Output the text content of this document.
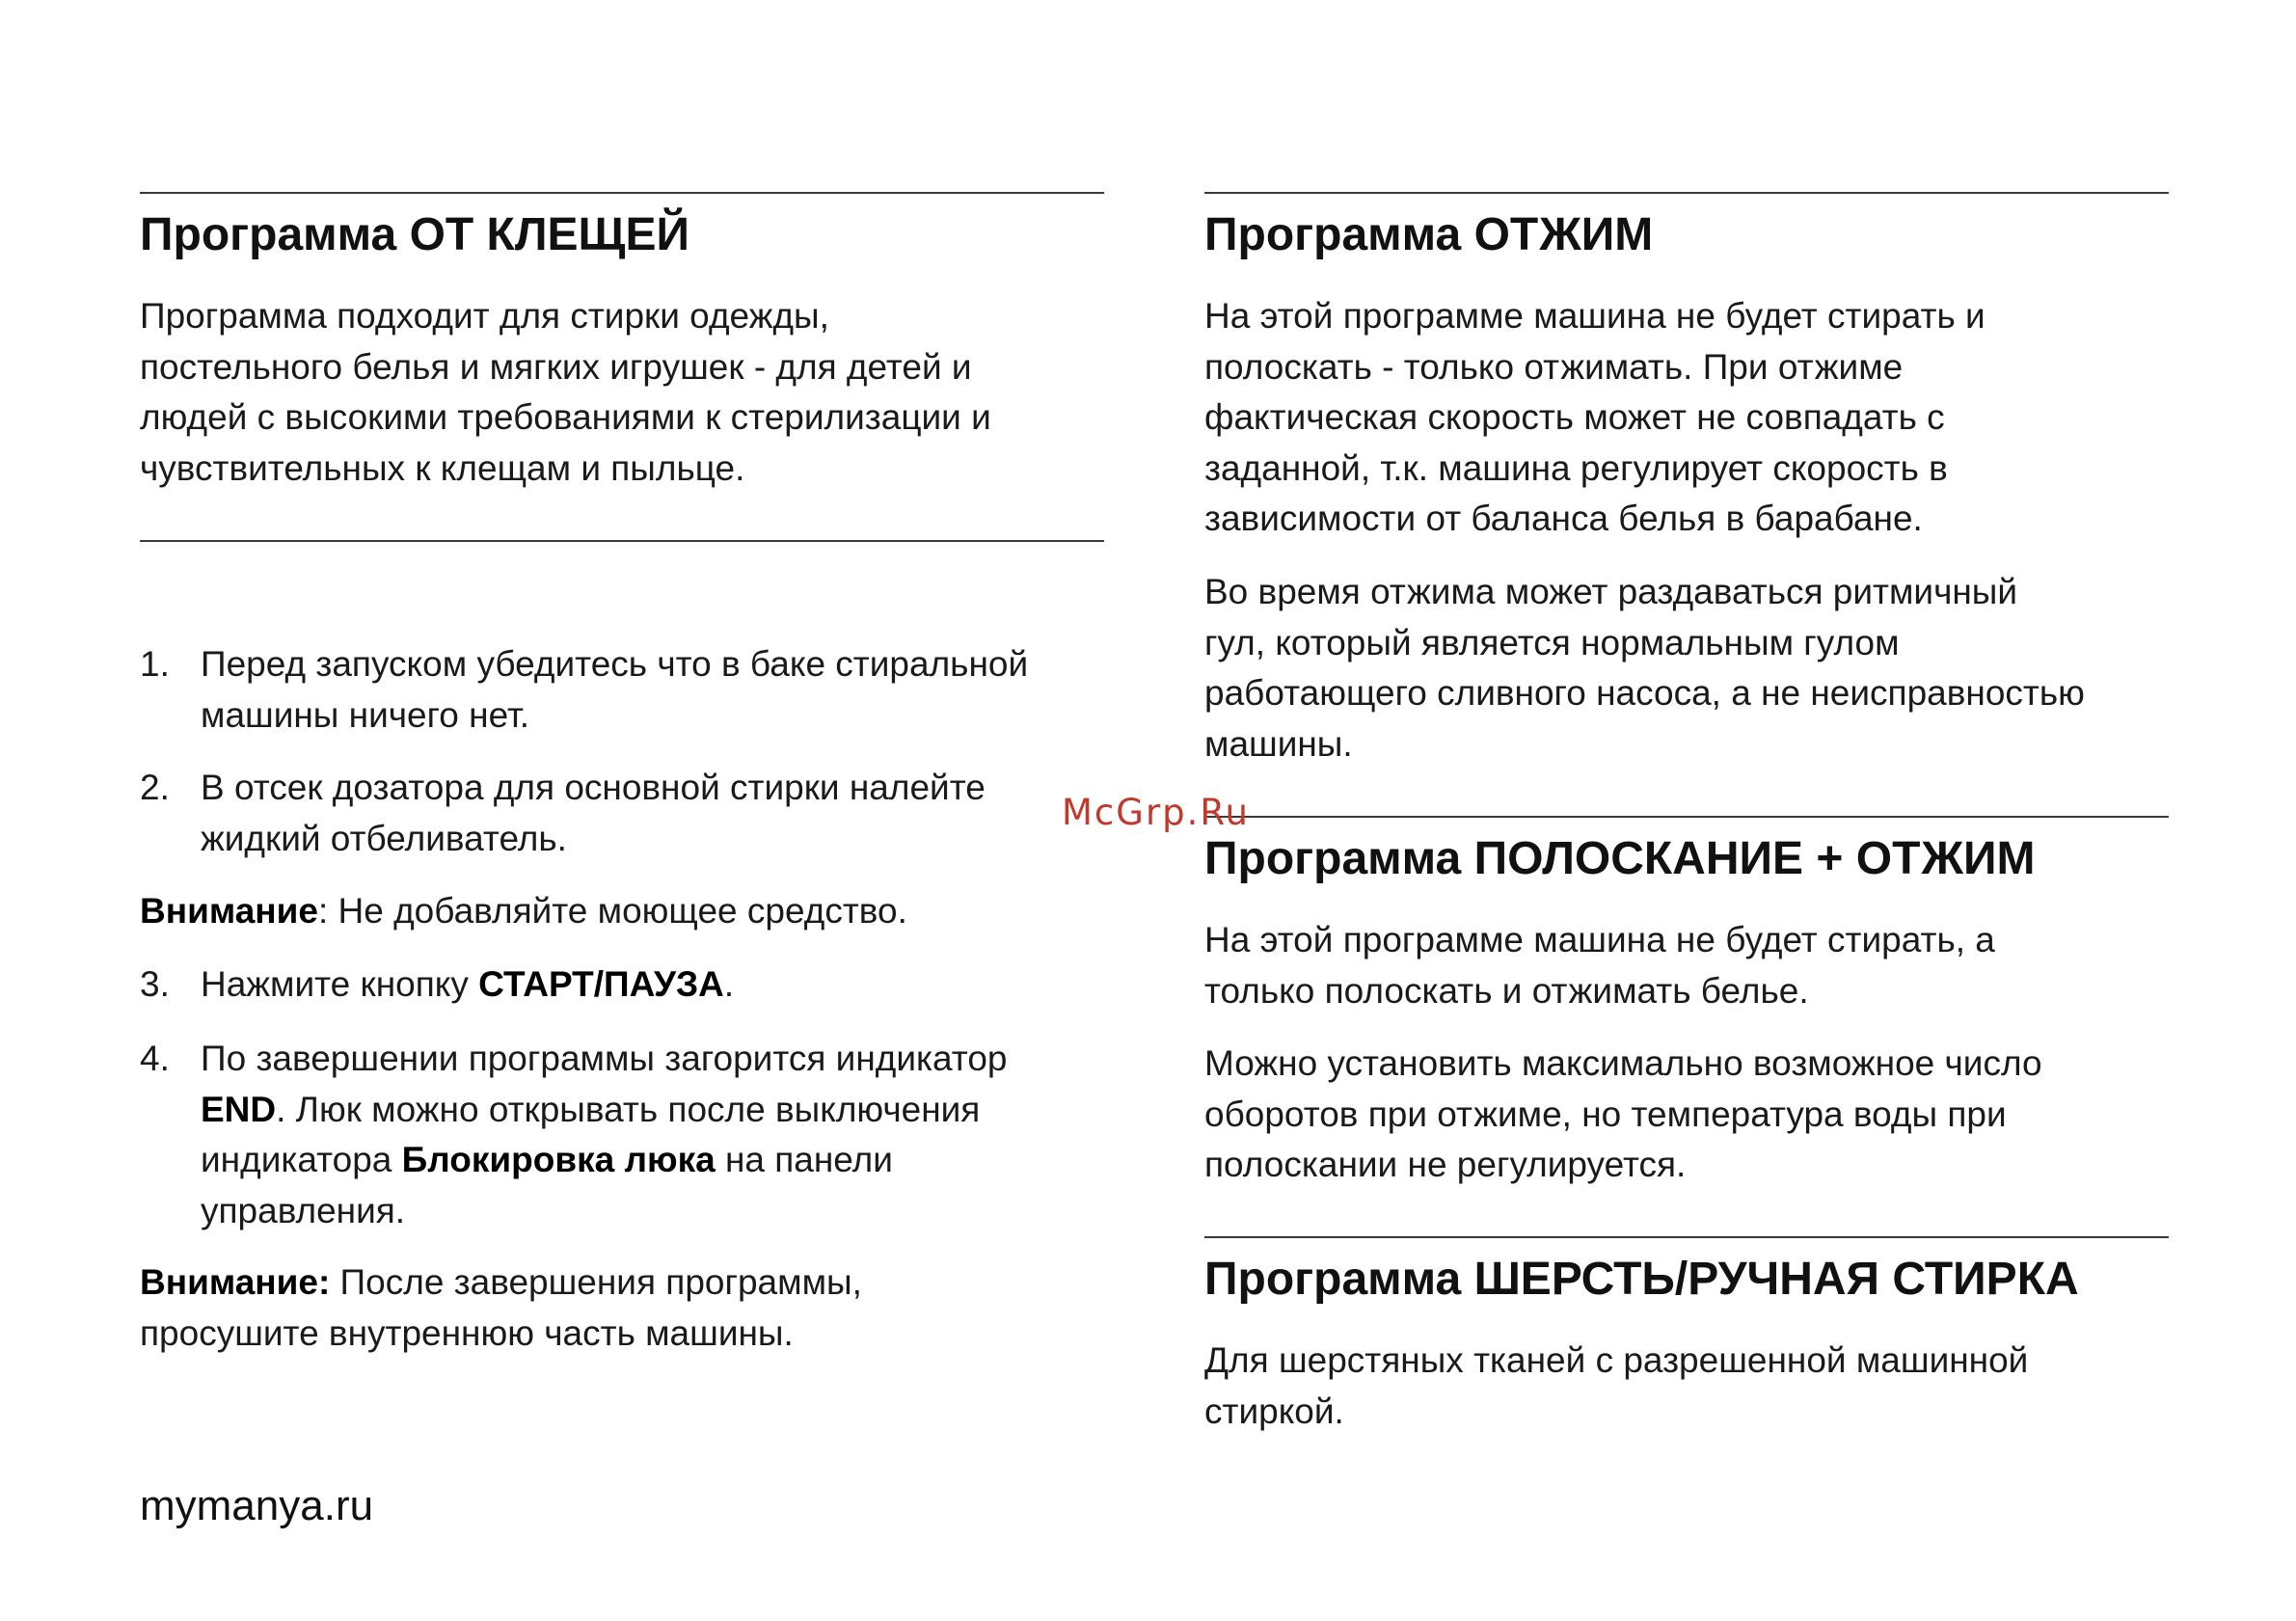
Программа ОТ КЛЕЩЕЙ
Программа подходит для стирки одежды,
постельного белья и мягких игрушек - для детей и
людей с высокими требованиями к стерилизации и
чувствительных к клещам и пыльце.
1. Перед запуском убедитесь что в баке стиральной
машины ничего нет.
2. В отсек дозатора для основной стирки налейте
жидкий отбеливатель.
Внимание: Не добавляйте моющее средство.
3. Нажмите кнопку СТАРТ/ПАУЗА.
4. По завершении программы загорится индикатор
END. Люк можно открывать после выключения
индикатора Блокировка люка на панели
управления.
Внимание: После завершения программы,
просушите внутреннюю часть машины.
Программа ОТЖИМ
На этой программе машина не будет стирать и
полоскать - только отжимать. При отжиме
фактическая скорость может не совпадать с
заданной, т.к. машина регулирует скорость в
зависимости от баланса белья в барабане.
Во время отжима может раздаваться ритмичный
гул, который является нормальным гулом
работающего сливного насоса, а не неисправностью
машины.
Программа ПОЛОСКАНИЕ + ОТЖИМ
На этой программе машина не будет стирать, а
только полоскать и отжимать белье.
Можно установить максимально возможное число
оборотов при отжиме, но температура воды при
полоскании не регулируется.
Программа ШЕРСТЬ/РУЧНАЯ СТИРКА
Для шерстяных тканей с разрешенной машинной
стиркой.
McGrp.Ru
mymanya.ru
